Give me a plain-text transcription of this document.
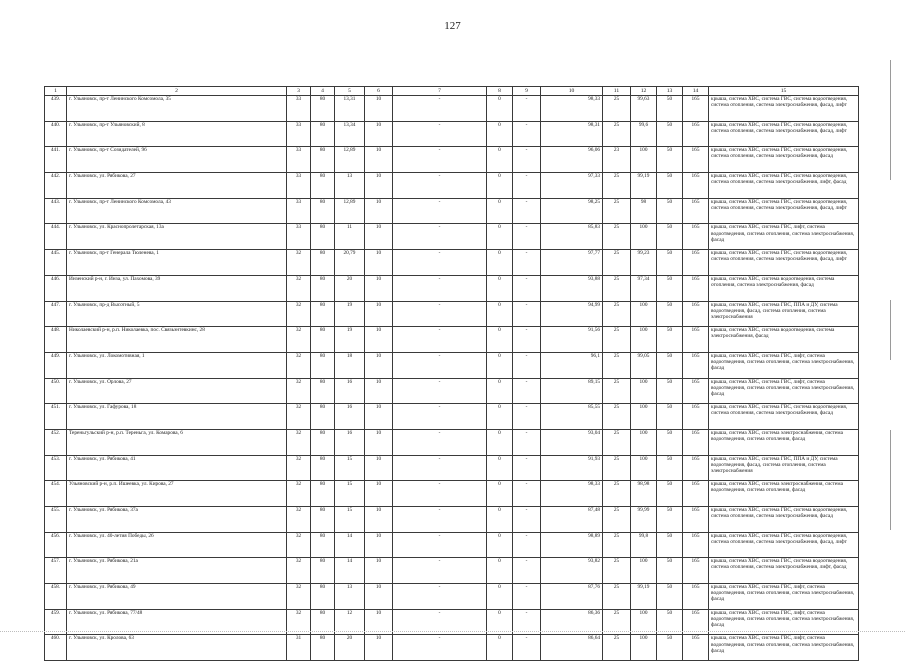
127
1	2	3	4	5	6	7	8	9	10	11	12	13	14	15
439.	г. Ульяновск, пр-т Ленинского Комсомола, 35	33	80	13,31	10	-	0	-	98,33	25	99,63	50	165	крыша, система ХВС, система ГВС, система водоотведения, система отопления, система электроснабжения, фасад, лифт
440.	г. Ульяновск, пр-т Ульяновский, 8	33	80	13,34	10	-	0	-	98,31	25	99,6	50	165	крыша, система ХВС, система ГВС, система водоотведения, система отопления, система электроснабжения, фасад, лифт
441.	г. Ульяновск, пр-т Созидателей, 96	33	80	12,89	10	-	0	-	96,06	23	100	50	165	крыша, система ХВС, система ГВС, система водоотведения, система отопления, система электроснабжения, фасад
442.	г. Ульяновск, ул. Рябикова, 27	33	80	13	10	-	0	-	97,33	25	99,19	50	165	крыша, система ХВС, система ГВС, система водоотведения, система отопления, система электроснабжения, лифт, фасад
443.	г. Ульяновск, пр-т Ленинского Комсомола, 43	33	80	12,89	10	-	0	-	98,25	25	98	50	165	крыша, система ХВС, система ГВС, система водоотведения, система отопления, система электроснабжения, фасад, лифт
444.	г. Ульяновск, ул. Краснопролетарская, 13а	33	80	11	10	-	0	-	85,83	25	100	50	165	крыша, система ХВС, система ГВС, лифт, система водоотведения, система отопления, система электроснабжения, фасад
445.	г. Ульяновск, пр-т Генерала Тюленева, 1	32	80	20,79	10	-	0	-	97,77	25	99,23	50	165	крыша, система ХВС, система ГВС, система водоотведения, система отопления, система электроснабжения, фасад, лифт
446.	Инзенский р-н, г. Инза, ул. Пахомова, 39	32	80	20	10	-	0	-	93,88	25	97,34	50	165	крыша, система ХВС, система водоотведения, система отопления, система электроснабжения, фасад
447.	г. Ульяновск, пр-д Высотный, 5	32	80	19	10	-	0	-	94,99	25	100	50	165	крыша, система ХВС, система ГВС, ППА и ДУ, система водоотведения, фасад, система отопления, система электроснабжения
448.	Николаевский р-н, р.п. Николаевка, пос. Cвязьэнтевкинс, 28	32	80	19	10	-	0	-	91,56	25	100	50	165	крыша, система ХВС, система водоотведения, система электроснабжения, фасад
449.	г. Ульяновск, ул. Локомотивная, 1	32	80	18	10	-	0	-	96,1	25	99,05	50	165	крыша, система ХВС, система ГВС, лифт, система водоотведения, система отопления, система электроснабжения, фасад
450.	г. Ульяновск, ул. Орлова, 27	32	80	16	10	-	0	-	89,15	25	100	50	165	крыша, система ХВС, система ГВС, лифт, система водоотведения, система отопления, система электроснабжения, фасад
451.	г. Ульяновск, ул. Гафурова, 18	32	80	16	10	-	0	-	85,55	25	100	50	165	крыша, система ХВС, система ГВС, система водоотведения, система отопления, система электроснабжения, фасад
452.	Тереньгульский р-н, р.п. Тереньга, ул. Комарова, 6	32	80	16	10	-	0	-	93,04	25	100	50	165	крыша, система ХВС, система электроснабжения, система водоотведения, система отопления, фасад
453.	г. Ульяновск, ул. Рябикова, 41	32	80	15	10	-	0	-	91,93	25	100	50	165	крыша, система ХВС, система ГВС, ППА и ДУ, система водоотведения, фасад, система отопления, система электроснабжения
454.	Ульяновский р-н, р.п. Ишеевка, ул. Кирова, 27	32	80	15	10	-	0	-	98,33	25	98,98	50	165	крыша, система ХВС, система электроснабжения, система водоотведения, система отопления, фасад
455.	г. Ульяновск, ул. Рябикова, 37а	32	80	15	10	-	0	-	87,48	25	99,99	50	165	крыша, система ХВС, система ГВС, система водоотведения, система отопления, система электроснабжения, фасад
456.	г. Ульяновск, ул. 40-летия Победы, 26	32	80	14	10	-	0	-	98,89	25	99,8	50	165	крыша, система ХВС, система ГВС, система водоотведения, система отопления, система электроснабжения, фасад, лифт
457.	г. Ульяновск, ул. Рябикова, 21а	32	80	14	10	-	0	-	93,82	25	100	50	165	крыша, система ХВС, система ГВС, система водоотведения, система отопления, система электроснабжения, лифт, фасад
458.	г. Ульяновск, ул. Рябикова, 49	32	80	13	10	-	0	-	87,76	25	99,19	50	165	крыша, система ХВС, система ГВС, лифт, система водоотведения, система отопления, система электроснабжения, фасад
459.	г. Ульяновск, ул. Рябикова, 77/48	32	80	12	10	-	0	-	86,36	25	100	50	165	крыша, система ХВС, система ГВС, лифт, система водоотведения, система отопления, система электроснабжения, фасад
460.	г. Ульяновск, ул. Кролова, 63	31	80	20	10	-	0	-	86,64	25	100	50	165	крыша, система ХВС, система ГВС, лифт, система водоотведения, система отопления, система электроснабжения, фасад
